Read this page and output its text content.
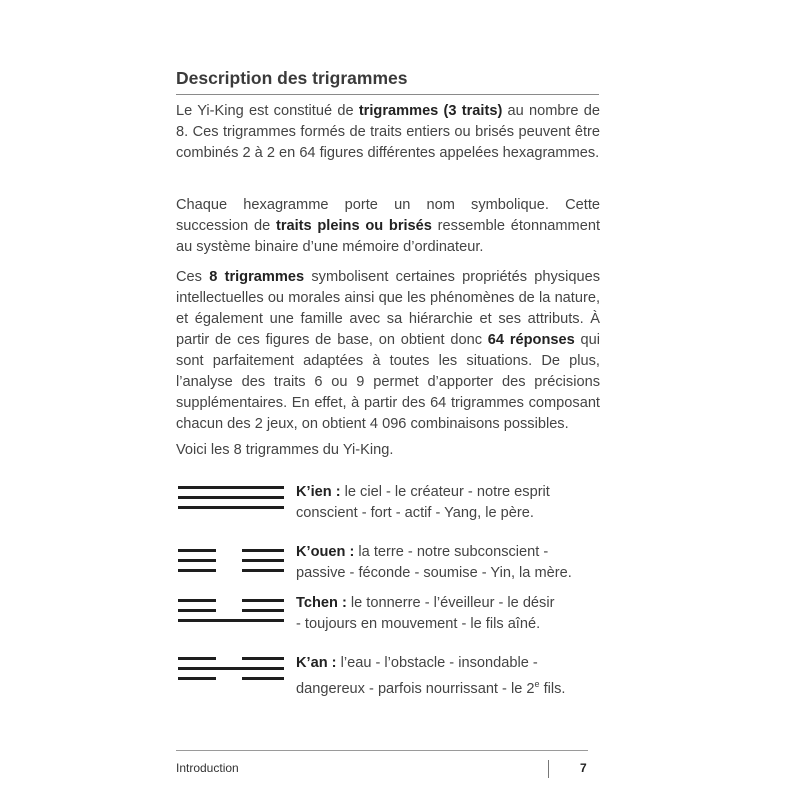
Description des trigrammes

Le Yi-King est constitué de trigrammes (3 traits) au nombre de 8. Ces trigrammes formés de traits entiers ou brisés peuvent être combinés 2 à 2 en 64 figures différentes appelées hexagrammes.

Chaque hexagramme porte un nom symbolique. Cette succession de traits pleins ou brisés ressemble étonnamment au système binaire d’une mémoire d’ordinateur.

Ces 8 trigrammes symbolisent certaines propriétés physiques intellectuelles ou morales ainsi que les phénomènes de la nature, et également une famille avec sa hiérarchie et ses attributs. À partir de ces figures de base, on obtient donc 64 réponses qui sont parfaitement adaptées à toutes les situations. De plus, l’analyse des traits 6 ou 9 permet d’apporter des précisions supplémentaires. En effet, à partir des 64 trigrammes composant chacun des 2 jeux, on obtient 4 096 combinaisons possibles.

Voici les 8 trigrammes du Yi-King.

K’ien : le ciel - le créateur - notre esprit
conscient - fort - actif - Yang, le père.

K’ouen : la terre - notre subconscient -
passive - féconde - soumise - Yin, la mère.

Tchen : le tonnerre - l’éveilleur - le désir
- toujours en mouvement - le fils aîné.

K’an : l’eau - l’obstacle - insondable -
dangereux - parfois nourrissant - le 2e fils.

Introduction	7
